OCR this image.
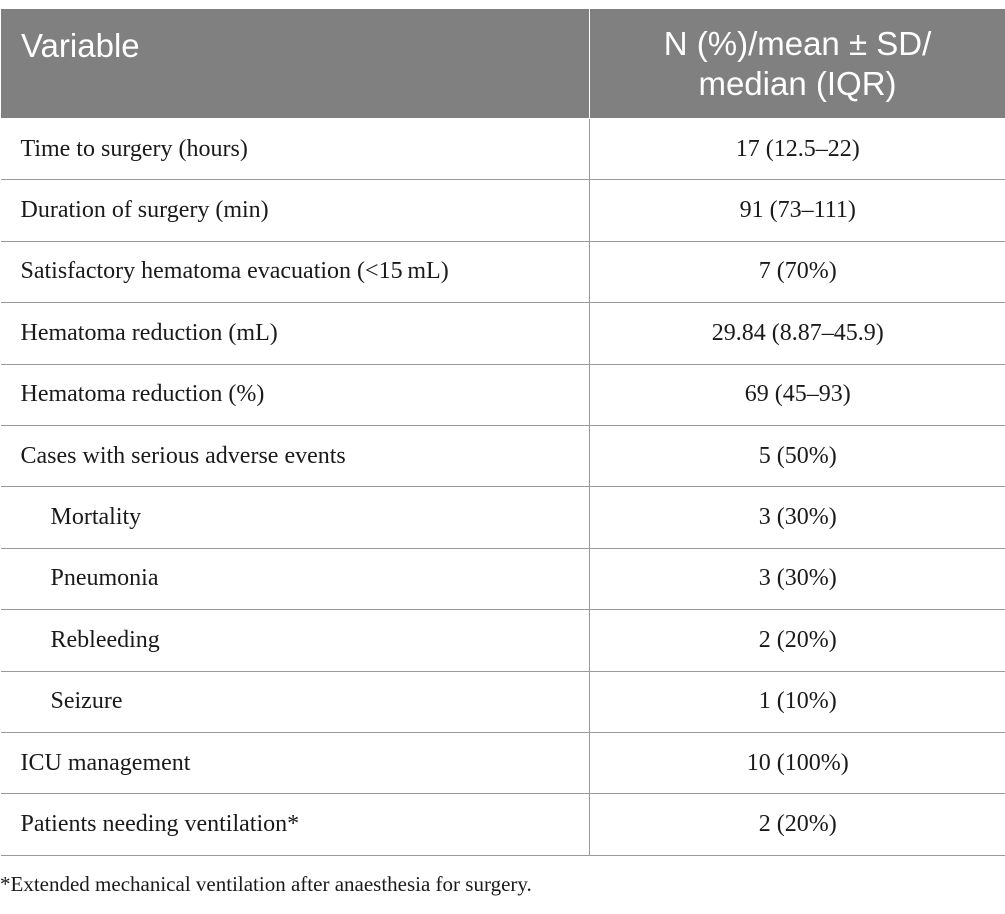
Variable	N (%)/mean ± SD/ median (IQR)
Time to surgery (hours)	17 (12.5–22)
Duration of surgery (min)	91 (73–111)
Satisfactory hematoma evacuation (<15 mL)	7 (70%)
Hematoma reduction (mL)	29.84 (8.87–45.9)
Hematoma reduction (%)	69 (45–93)
Cases with serious adverse events	5 (50%)
Mortality	3 (30%)
Pneumonia	3 (30%)
Rebleeding	2 (20%)
Seizure	1 (10%)
ICU management	10 (100%)
Patients needing ventilation*	2 (20%)
*Extended mechanical ventilation after anaesthesia for surgery.
